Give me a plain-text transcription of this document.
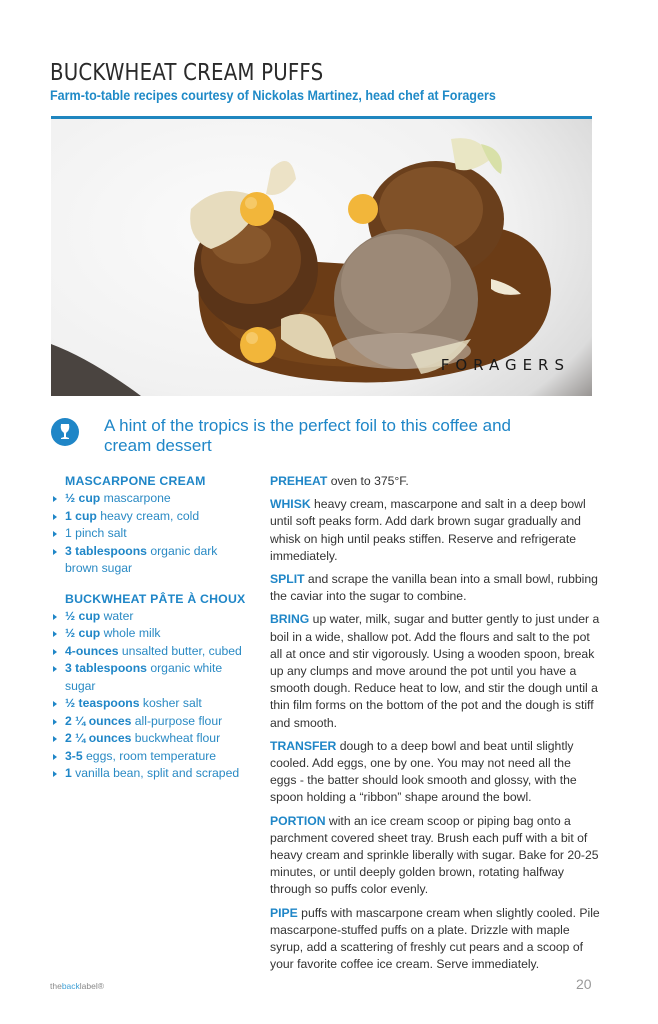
BUCKWHEAT CREAM PUFFS
Farm-to-table recipes courtesy of Nickolas Martinez, head chef at Foragers
FORAGERS
A hint of the tropics is the perfect foil to this coffee and cream dessert
MASCARPONE CREAM
½ cup mascarpone
1 cup heavy cream, cold
1 pinch salt
3 tablespoons organic dark brown sugar
BUCKWHEAT PÂTE À CHOUX
½ cup water
½ cup whole milk
4-ounces unsalted butter, cubed
3 tablespoons organic white sugar
½ teaspoons kosher salt
2 ¼ ounces all-purpose flour
2 ¼ ounces buckwheat flour
3-5 eggs, room temperature
1 vanilla bean, split and scraped

PREHEAT oven to 375°F.

WHISK heavy cream, mascarpone and salt in a deep bowl until soft peaks form. Add dark brown sugar gradually and whisk on high until peaks stiffen. Reserve and refrigerate immediately.

SPLIT and scrape the vanilla bean into a small bowl, rubbing the caviar into the sugar to combine.

BRING up water, milk, sugar and butter gently to just under a boil in a wide, shallow pot. Add the flours and salt to the pot all at once and stir vigorously. Using a wooden spoon, break up any clumps and move around the pot until you have a smooth dough. Reduce heat to low, and stir the dough until a thin film forms on the bottom of the pot and the dough is stiff and smooth.

TRANSFER dough to a deep bowl and beat until slightly cooled. Add eggs, one by one. You may not need all the eggs - the batter should look smooth and glossy, with the spoon holding a “ribbon” shape around the bowl.

PORTION with an ice cream scoop or piping bag onto a parchment covered sheet tray. Brush each puff with a bit of heavy cream and sprinkle liberally with sugar. Bake for 20-25 minutes, or until deeply golden brown, rotating halfway through so puffs color evenly.

PIPE puffs with mascarpone cream when slightly cooled. Pile mascarpone-stuffed puffs on a plate. Drizzle with maple syrup, add a scattering of freshly cut pears and a scoop of your favorite coffee ice cream. Serve immediately.

thebacklabel®	20
